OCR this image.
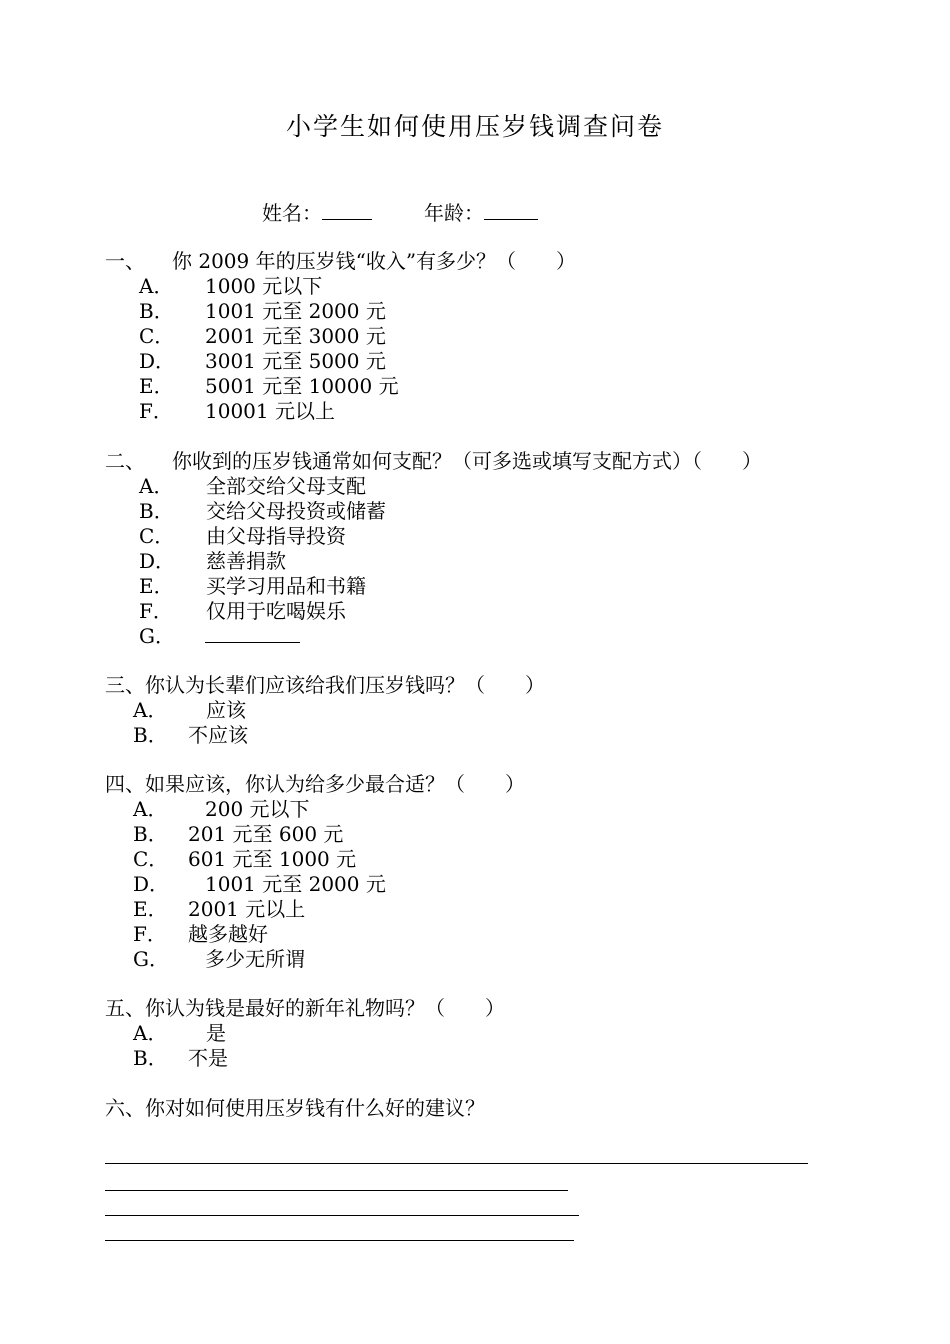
小学生如何使用压岁钱调查问卷
姓名：	年龄：
一、 你 2009 年的压岁钱“收入”有多少？（　　）
A． 1000 元以下
B． 1001 元至 2000 元
C． 2001 元至 3000 元
D． 3001 元至 5000 元
E． 5001 元至 10000 元
F． 10001 元以上
二、 你收到的压岁钱通常如何支配？（可多选或填写支配方式）（　　）
A． 全部交给父母支配
B． 交给父母投资或储蓄
C． 由父母指导投资
D． 慈善捐款
E． 买学习用品和书籍
F． 仅用于吃喝娱乐
G．
三、你认为长辈们应该给我们压岁钱吗？（　　）
A． 应该
B． 不应该
四、如果应该，你认为给多少最合适？（　　）
A． 200 元以下
B． 201 元至 600 元
C． 601 元至 1000 元
D． 1001 元至 2000 元
E． 2001 元以上
F． 越多越好
G． 多少无所谓
五、你认为钱是最好的新年礼物吗？（　　）
A． 是
B． 不是
六、你对如何使用压岁钱有什么好的建议？
